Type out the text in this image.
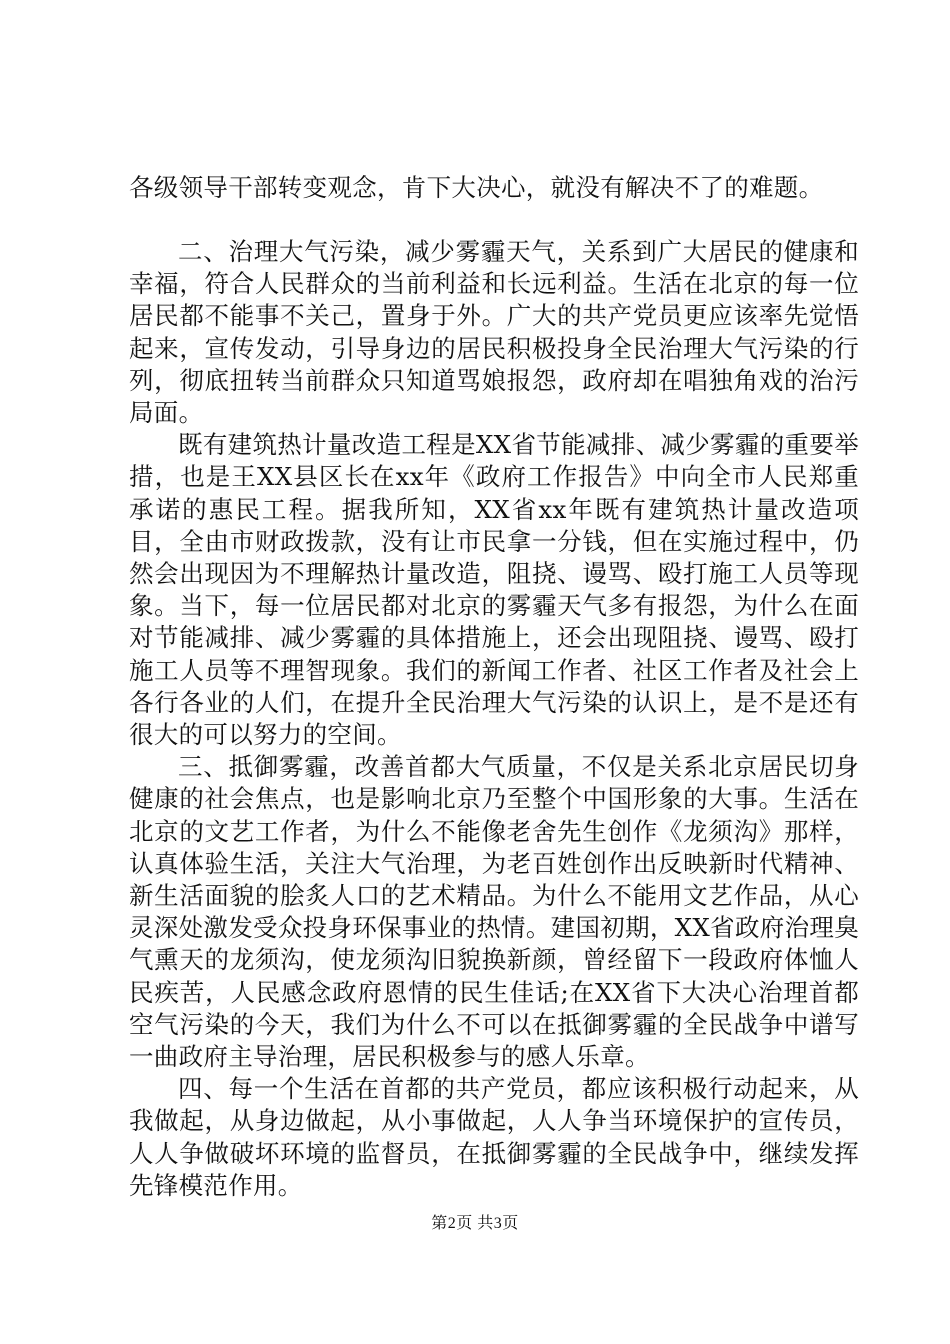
各级领导干部转变观念，肯下大决心，就没有解决不了的难题。

二、治理大气污染，减少雾霾天气，关系到广大居民的健康和幸福，符合人民群众的当前利益和长远利益。生活在北京的每一位居民都不能事不关己，置身于外。广大的共产党员更应该率先觉悟起来，宣传发动，引导身边的居民积极投身全民治理大气污染的行列，彻底扭转当前群众只知道骂娘报怨，政府却在唱独角戏的治污局面。

既有建筑热计量改造工程是XX省节能减排、减少雾霾的重要举措，也是王XX县区长在xx年《政府工作报告》中向全市人民郑重承诺的惠民工程。据我所知，XX省xx年既有建筑热计量改造项目，全由市财政拨款，没有让市民拿一分钱，但在实施过程中，仍然会出现因为不理解热计量改造，阻挠、谩骂、殴打施工人员等现象。当下，每一位居民都对北京的雾霾天气多有报怨，为什么在面对节能减排、减少雾霾的具体措施上，还会出现阻挠、谩骂、殴打施工人员等不理智现象。我们的新闻工作者、社区工作者及社会上各行各业的人们，在提升全民治理大气污染的认识上，是不是还有很大的可以努力的空间。

三、抵御雾霾，改善首都大气质量，不仅是关系北京居民切身健康的社会焦点，也是影响北京乃至整个中国形象的大事。生活在北京的文艺工作者，为什么不能像老舍先生创作《龙须沟》那样，认真体验生活，关注大气治理，为老百姓创作出反映新时代精神、新生活面貌的脍炙人口的艺术精品。为什么不能用文艺作品，从心灵深处激发受众投身环保事业的热情。建国初期，XX省政府治理臭气熏天的龙须沟，使龙须沟旧貌换新颜，曾经留下一段政府体恤人民疾苦，人民感念政府恩情的民生佳话;在XX省下大决心治理首都空气污染的今天，我们为什么不可以在抵御雾霾的全民战争中谱写一曲政府主导治理，居民积极参与的感人乐章。

四、每一个生活在首都的共产党员，都应该积极行动起来，从我做起，从身边做起，从小事做起，人人争当环境保护的宣传员，人人争做破坏环境的监督员，在抵御雾霾的全民战争中，继续发挥先锋模范作用。

第2页 共3页
